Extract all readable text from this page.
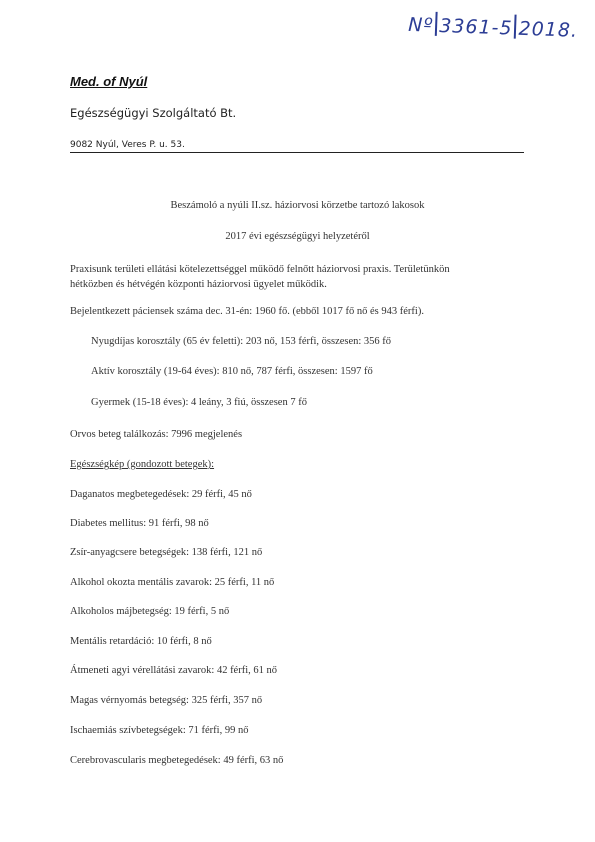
Nº 3361-5 2018.
Med. of Nyúl
Egészségügyi Szolgáltató Bt.
9082 Nyúl, Veres P. u. 53.
Beszámoló a nyúli II.sz. háziorvosi körzetbe tartozó lakosok
2017 évi egészségügyi helyzetéről
Praxisunk területi ellátási kötelezettséggel működő felnőtt háziorvosi praxis. Területünkön
hétközben és hétvégén központi háziorvosi ügyelet működik.
Bejelentkezett páciensek száma dec. 31-én: 1960 fő. (ebből 1017 fő nő és 943 férfi).
Nyugdíjas korosztály (65 év feletti): 203 nő, 153 férfi, összesen: 356 fő
Aktív korosztály (19-64 éves): 810 nő, 787 férfi, összesen: 1597 fő
Gyermek (15-18 éves): 4 leány, 3 fiú, összesen 7 fő
Orvos beteg találkozás: 7996 megjelenés
Egészségkép (gondozott betegek):
Daganatos megbetegedések: 29 férfi, 45 nő
Diabetes mellitus: 91 férfi, 98 nő
Zsír-anyagcsere betegségek: 138 férfi, 121 nő
Alkohol okozta mentális zavarok: 25 férfi, 11 nő
Alkoholos májbetegség: 19 férfi, 5 nő
Mentális retardáció: 10 férfi, 8 nő
Átmeneti agyi vérellátási zavarok: 42 férfi, 61 nő
Magas vérnyomás betegség: 325 férfi, 357 nő
Ischaemiás szívbetegségek: 71 férfi, 99 nő
Cerebrovascularis megbetegedések: 49 férfi, 63 nő
